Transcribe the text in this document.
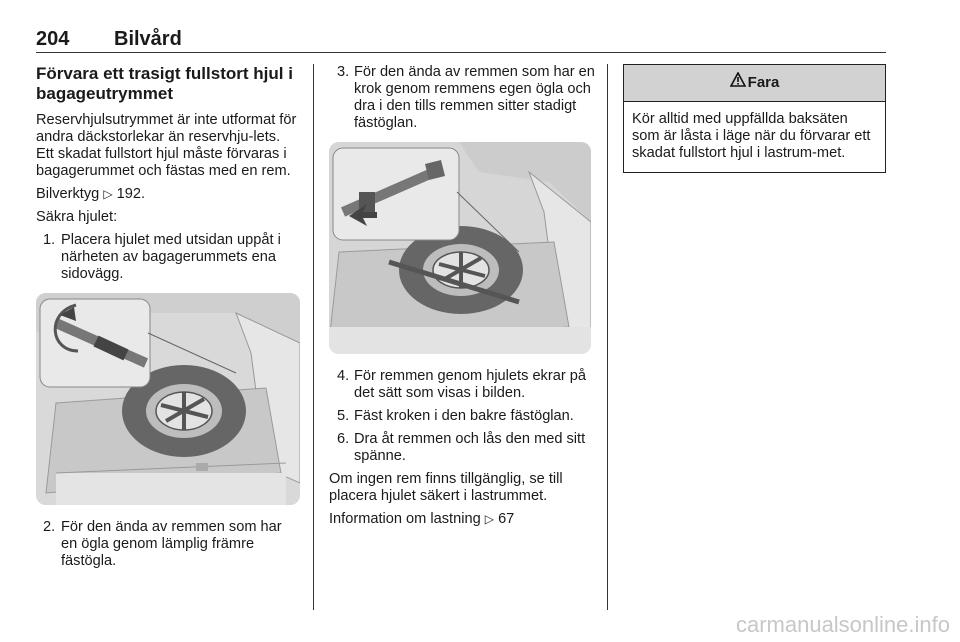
204 Bilvård
Förvara ett trasigt fullstort hjul i bagageutrymmet

Reservhjulsutrymmet är inte utformat för andra däckstorlekar än reservhju-lets. Ett skadat fullstort hjul måste förvaras i bagagerummet och fästas med en rem.

Bilverktyg ▷ 192.

Säkra hjulet:

1. Placera hjulet med utsidan uppåt i närheten av bagagerummets ena sidovägg.
2. För den ända av remmen som har en ögla genom lämplig främre fästögla.
3. För den ända av remmen som har en krok genom remmens egen ögla och dra i den tills remmen sitter stadigt fästöglan.
4. För remmen genom hjulets ekrar på det sätt som visas i bilden.
5. Fäst kroken i den bakre fästöglan.
6. Dra åt remmen och lås den med sitt spänne.

Om ingen rem finns tillgänglig, se till placera hjulet säkert i lastrummet.

Information om lastning ▷ 67

Fara
Kör alltid med uppfällda baksäten som är låsta i läge när du förvarar ett skadat fullstort hjul i lastrum-met.
carmanualsonline.info
